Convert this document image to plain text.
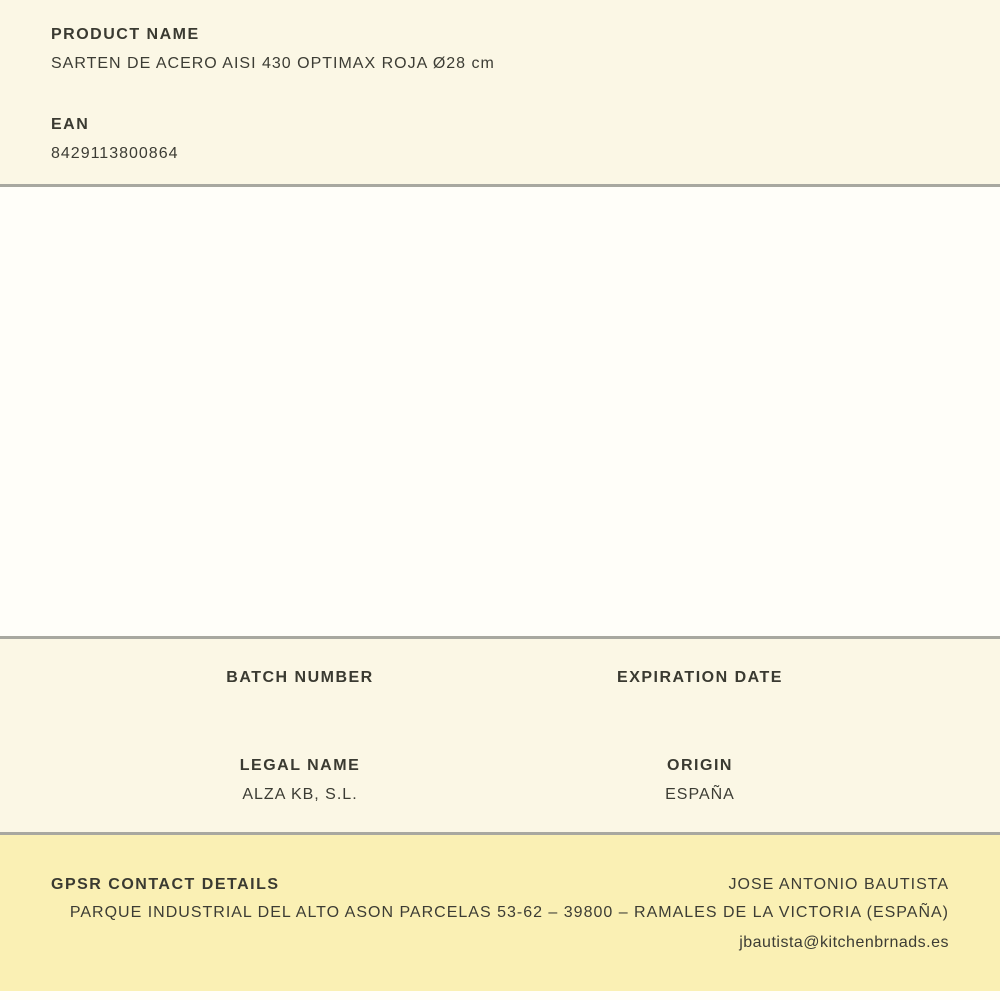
PRODUCT NAME
SARTEN DE ACERO AISI 430 OPTIMAX ROJA Ø28 cm
EAN
8429113800864
BATCH NUMBER	EXPIRATION DATE
LEGAL NAME
ALZA KB, S.L.
ORIGIN
ESPAÑA
GPSR CONTACT DETAILS	JOSE ANTONIO BAUTISTA
PARQUE INDUSTRIAL DEL ALTO ASON PARCELAS 53-62 – 39800 – RAMALES DE LA VICTORIA (ESPAÑA)
jbautista@kitchenbrnads.es
